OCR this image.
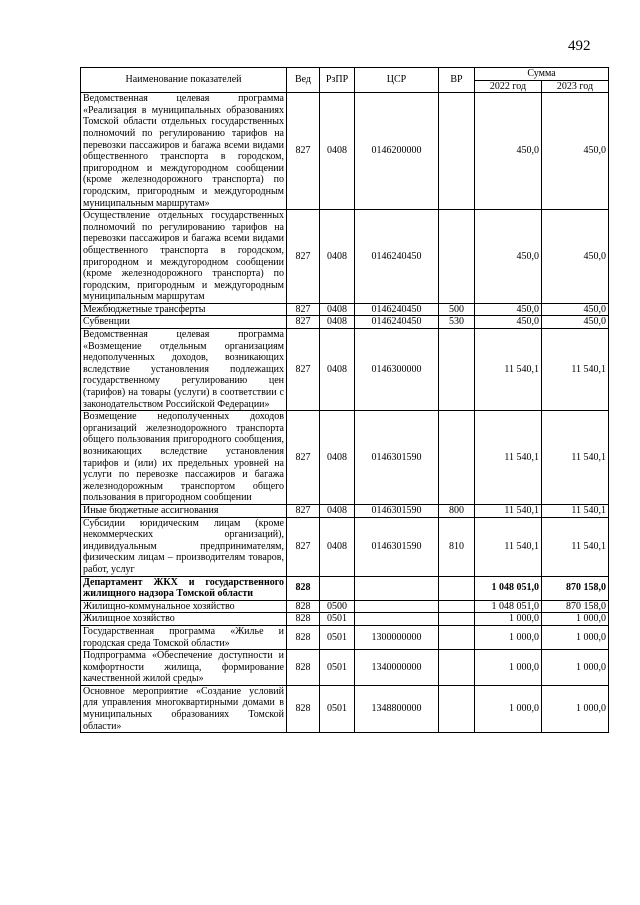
492
Наименование показателей	Вед	РзПР	ЦСР	ВР	Сумма	
					2022 год	2023 год
Ведомственная целевая программа «Реализация в муниципальных образованиях Томской области отдельных государственных полномочий по регулированию тарифов на перевозки пассажиров и багажа всеми видами общественного транспорта в городском, пригородном и междугородном сообщении (кроме железнодорожного транспорта) по городским, пригородным и междугородным муниципальным маршрутам»	827	0408	0146200000		450,0	450,0
Осуществление отдельных государственных полномочий по регулированию тарифов на перевозки пассажиров и багажа всеми видами общественного транспорта в городском, пригородном и междугородном сообщении (кроме железнодорожного транспорта) по городским, пригородным и междугородным муниципальным маршрутам	827	0408	0146240450		450,0	450,0
Межбюджетные трансферты	827	0408	0146240450	500	450,0	450,0
Субвенции	827	0408	0146240450	530	450,0	450,0
Ведомственная целевая программа «Возмещение отдельным организациям недополученных доходов, возникающих вследствие установления подлежащих государственному регулированию цен (тарифов) на товары (услуги) в соответствии с законодательством Российской Федерации»	827	0408	0146300000		11 540,1	11 540,1
Возмещение недополученных доходов организаций железнодорожного транспорта общего пользования пригородного сообщения, возникающих вследствие установления тарифов и (или) их предельных уровней на услуги по перевозке пассажиров и багажа железнодорожным транспортом общего пользования в пригородном сообщении	827	0408	0146301590		11 540,1	11 540,1
Иные бюджетные ассигнования	827	0408	0146301590	800	11 540,1	11 540,1
Субсидии юридическим лицам (кроме некоммерческих организаций), индивидуальным предпринимателям, физическим лицам – производителям товаров, работ, услуг	827	0408	0146301590	810	11 540,1	11 540,1
Департамент ЖКХ и государственного жилищного надзора Томской области	828				1 048 051,0	870 158,0
Жилищно-коммунальное хозяйство	828	0500			1 048 051,0	870 158,0
Жилищное хозяйство	828	0501			1 000,0	1 000,0
Государственная программа «Жилье и городская среда Томской области»	828	0501	1300000000		1 000,0	1 000,0
Подпрограмма «Обеспечение доступности и комфортности жилища, формирование качественной жилой среды»	828	0501	1340000000		1 000,0	1 000,0
Основное мероприятие «Создание условий для управления многоквартирными домами в муниципальных образованиях Томской области»	828	0501	1348800000		1 000,0	1 000,0
